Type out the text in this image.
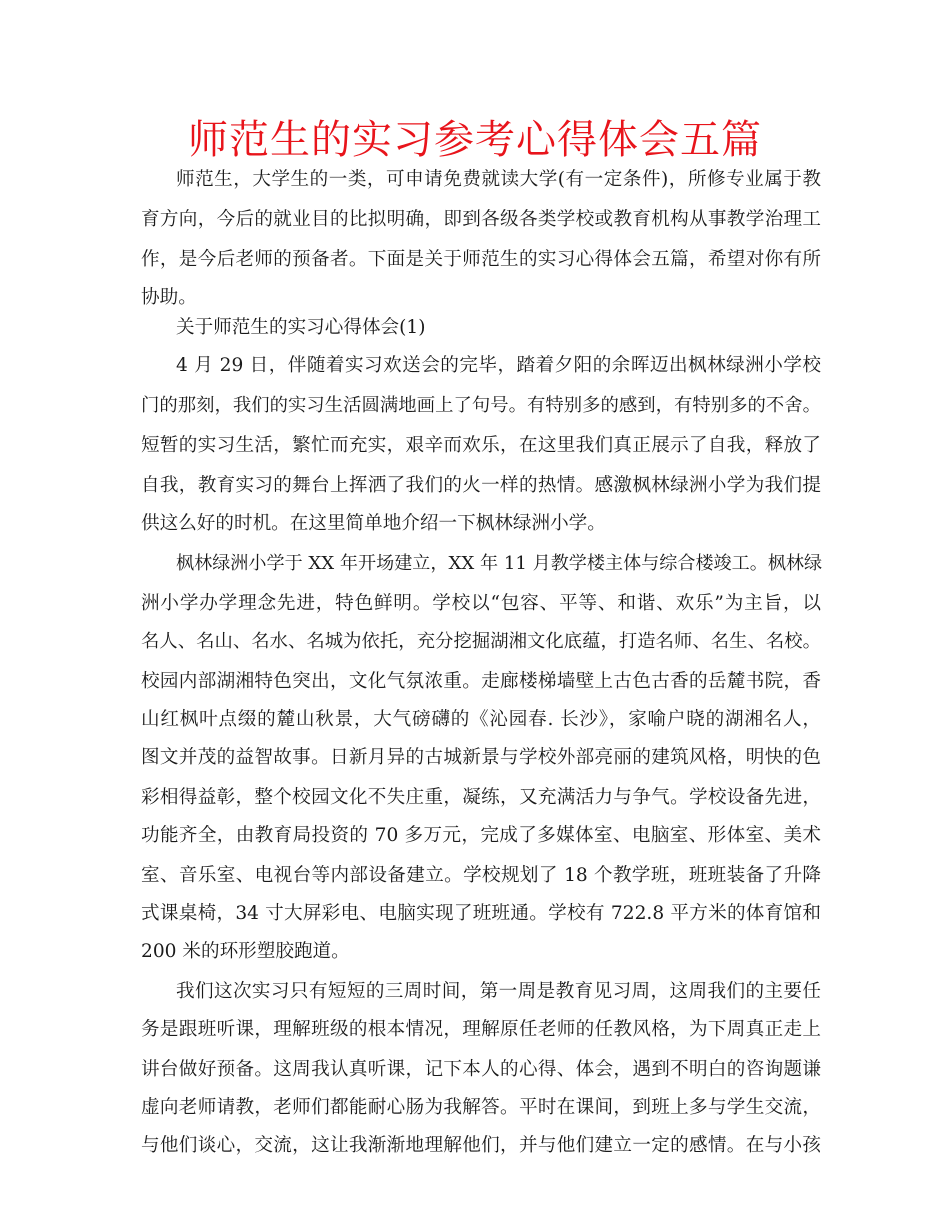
师范生的实习参考心得体会五篇
师范生，大学生的一类，可申请免费就读大学(有一定条件)，所修专业属于教
育方向，今后的就业目的比拟明确，即到各级各类学校或教育机构从事教学治理工
作，是今后老师的预备者。下面是关于师范生的实习心得体会五篇，希望对你有所
协助。
关于师范生的实习心得体会(1)
4 月 29 日，伴随着实习欢送会的完毕，踏着夕阳的余晖迈出枫林绿洲小学校
门的那刻，我们的实习生活圆满地画上了句号。有特别多的感到，有特别多的不舍。
短暂的实习生活，繁忙而充实，艰辛而欢乐，在这里我们真正展示了自我，释放了
自我，教育实习的舞台上挥洒了我们的火一样的热情。感激枫林绿洲小学为我们提
供这么好的时机。在这里简单地介绍一下枫林绿洲小学。
枫林绿洲小学于 XX 年开场建立，XX 年 11 月教学楼主体与综合楼竣工。枫林绿
洲小学办学理念先进，特色鲜明。学校以“包容、平等、和谐、欢乐”为主旨，以
名人、名山、名水、名城为依托，充分挖掘湖湘文化底蕴，打造名师、名生、名校。
校园内部湖湘特色突出，文化气氛浓重。走廊楼梯墙壁上古色古香的岳麓书院，香
山红枫叶点缀的麓山秋景，大气磅礴的《沁园春. 长沙》，家喻户晓的湖湘名人，
图文并茂的益智故事。日新月异的古城新景与学校外部亮丽的建筑风格，明快的色
彩相得益彰，整个校园文化不失庄重，凝练，又充满活力与争气。学校设备先进，
功能齐全，由教育局投资的 70 多万元，完成了多媒体室、电脑室、形体室、美术
室、音乐室、电视台等内部设备建立。学校规划了 18 个教学班，班班装备了升降
式课桌椅，34 寸大屏彩电、电脑实现了班班通。学校有 722.8 平方米的体育馆和
200 米的环形塑胶跑道。
我们这次实习只有短短的三周时间，第一周是教育见习周，这周我们的主要任
务是跟班听课，理解班级的根本情况，理解原任老师的任教风格，为下周真正走上
讲台做好预备。这周我认真听课，记下本人的心得、体会，遇到不明白的咨询题谦
虚向老师请教，老师们都能耐心肠为我解答。平时在课间，到班上多与学生交流，
与他们谈心，交流，这让我渐渐地理解他们，并与他们建立一定的感情。在与小孩
